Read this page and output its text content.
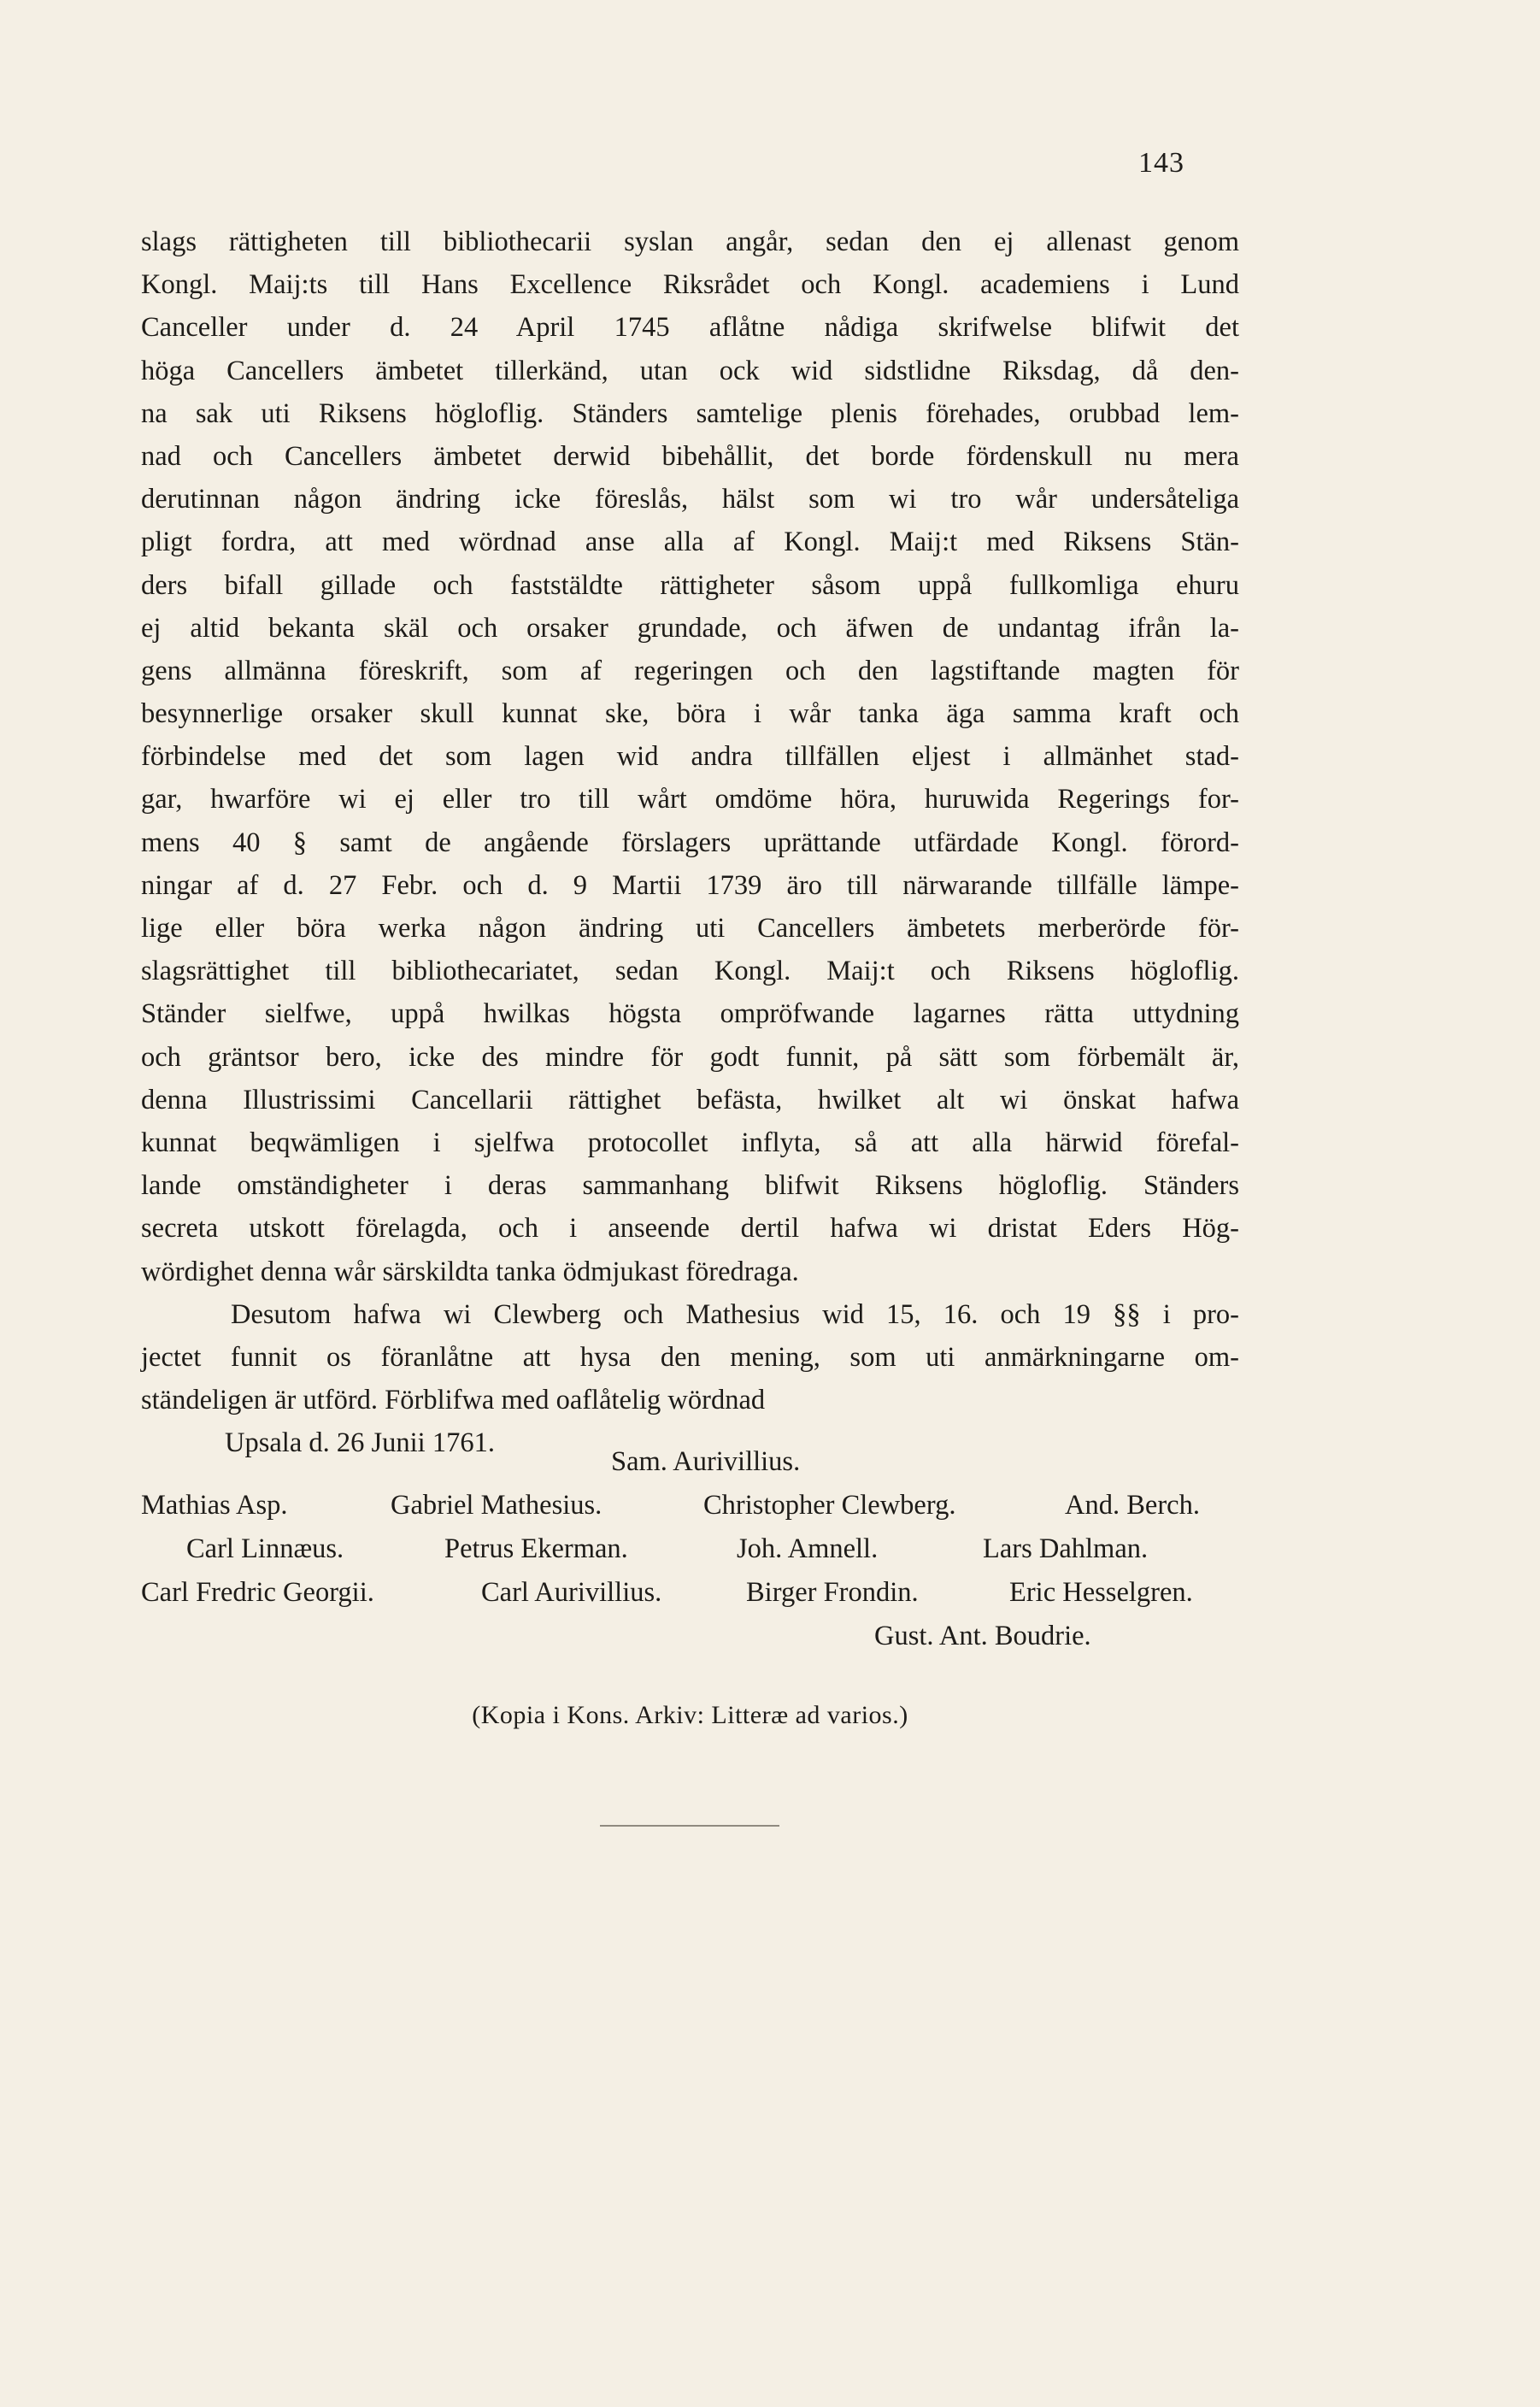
143
slags rättigheten till bibliothecarii syslan angår, sedan den ej allenast genom
Kongl. Maij:ts till Hans Excellence Riksrådet och Kongl. academiens i Lund
Canceller under d. 24 April 1745 aflåtne nådiga skrifwelse blifwit det
höga Cancellers ämbetet tillerkänd, utan ock wid sidstlidne Riksdag, då den-
na sak uti Riksens högloflig. Ständers samtelige plenis förehades, orubbad lem-
nad och Cancellers ämbetet derwid bibehållit, det borde fördenskull nu mera
derutinnan någon ändring icke föreslås, hälst som wi tro wår undersåteliga
pligt fordra, att med wördnad anse alla af Kongl. Maij:t med Riksens Stän-
ders bifall gillade och faststäldte rättigheter såsom uppå fullkomliga ehuru
ej altid bekanta skäl och orsaker grundade, och äfwen de undantag ifrån la-
gens allmänna föreskrift, som af regeringen och den lagstiftande magten för
besynnerlige orsaker skull kunnat ske, böra i wår tanka äga samma kraft och
förbindelse med det som lagen wid andra tillfällen eljest i allmänhet stad-
gar, hwarföre wi ej eller tro till wårt omdöme höra, huruwida Regerings for-
mens 40 § samt de angående förslagers uprättande utfärdade Kongl. förord-
ningar af d. 27 Febr. och d. 9 Martii 1739 äro till närwarande tillfälle lämpe-
lige eller böra werka någon ändring uti Cancellers ämbetets merberörde för-
slagsrättighet till bibliothecariatet, sedan Kongl. Maij:t och Riksens högloflig.
Ständer sielfwe, uppå hwilkas högsta ompröfwande lagarnes rätta uttydning
och gräntsor bero, icke des mindre för godt funnit, på sätt som förbemält är,
denna Illustrissimi Cancellarii rättighet befästa, hwilket alt wi önskat hafwa
kunnat beqwämligen i sjelfwa protocollet inflyta, så att alla härwid förefal-
lande omständigheter i deras sammanhang blifwit Riksens högloflig. Ständers
secreta utskott förelagda, och i anseende dertil hafwa wi dristat Eders Hög-
wördighet denna wår särskildta tanka ödmjukast föredraga.
Desutom hafwa wi Clewberg och Mathesius wid 15, 16. och 19 §§ i pro-
jectet funnit os föranlåtne att hysa den mening, som uti anmärkningarne om-
ständeligen är utförd. Förblifwa med oaflåtelig wördnad
Upsala d. 26 Junii 1761.
Sam. Aurivillius.
Mathias Asp.	Gabriel Mathesius.	Christopher Clewberg.	And. Berch.
Carl Linnæus.	Petrus Ekerman.	Joh. Amnell.	Lars Dahlman.
Carl Fredric Georgii.	Carl Aurivillius.	Birger Frondin.	Eric Hesselgren.
Gust. Ant. Boudrie.
(Kopia i Kons. Arkiv: Litteræ ad varios.)
